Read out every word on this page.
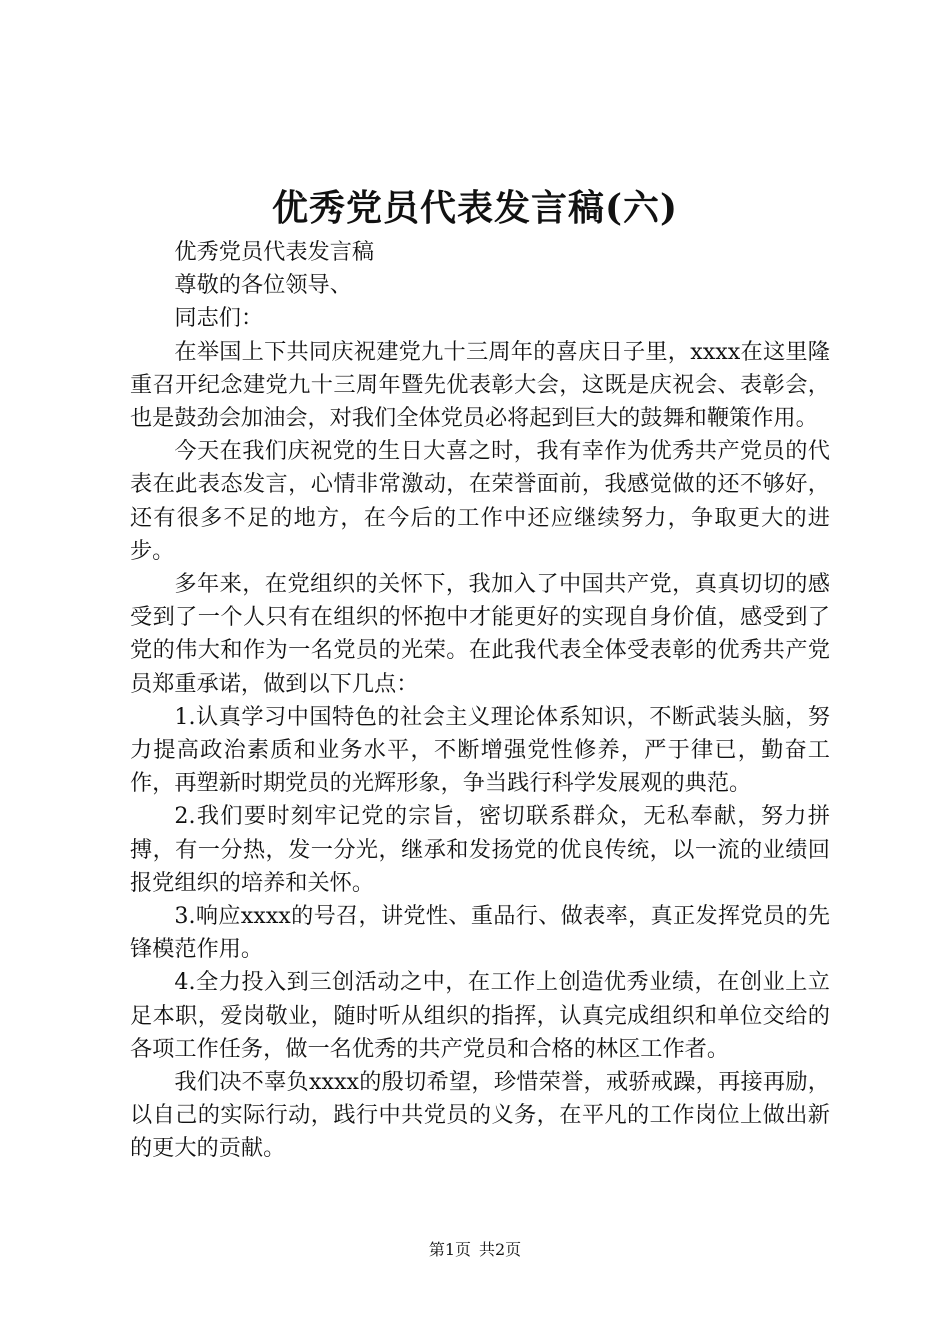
优秀党员代表发言稿(六)

优秀党员代表发言稿

尊敬的各位领导、

同志们：

在举国上下共同庆祝建党九十三周年的喜庆日子里，xxxx在这里隆重召开纪念建党九十三周年暨先优表彰大会，这既是庆祝会、表彰会，也是鼓劲会加油会，对我们全体党员必将起到巨大的鼓舞和鞭策作用。

今天在我们庆祝党的生日大喜之时，我有幸作为优秀共产党员的代表在此表态发言，心情非常激动，在荣誉面前，我感觉做的还不够好，还有很多不足的地方，在今后的工作中还应继续努力，争取更大的进步。

多年来，在党组织的关怀下，我加入了中国共产党，真真切切的感受到了一个人只有在组织的怀抱中才能更好的实现自身价值，感受到了党的伟大和作为一名党员的光荣。在此我代表全体受表彰的优秀共产党员郑重承诺，做到以下几点：

1.认真学习中国特色的社会主义理论体系知识，不断武装头脑，努力提高政治素质和业务水平，不断增强党性修养，严于律已，勤奋工作，再塑新时期党员的光辉形象，争当践行科学发展观的典范。

2.我们要时刻牢记党的宗旨，密切联系群众，无私奉献，努力拼搏，有一分热，发一分光，继承和发扬党的优良传统，以一流的业绩回报党组织的培养和关怀。

3.响应xxxx的号召，讲党性、重品行、做表率，真正发挥党员的先锋模范作用。

4.全力投入到三创活动之中，在工作上创造优秀业绩，在创业上立足本职，爱岗敬业，随时听从组织的指挥，认真完成组织和单位交给的各项工作任务，做一名优秀的共产党员和合格的林区工作者。

我们决不辜负xxxx的殷切希望，珍惜荣誉，戒骄戒躁，再接再励，以自己的实际行动，践行中共党员的义务，在平凡的工作岗位上做出新的更大的贡献。

第1页 共2页
